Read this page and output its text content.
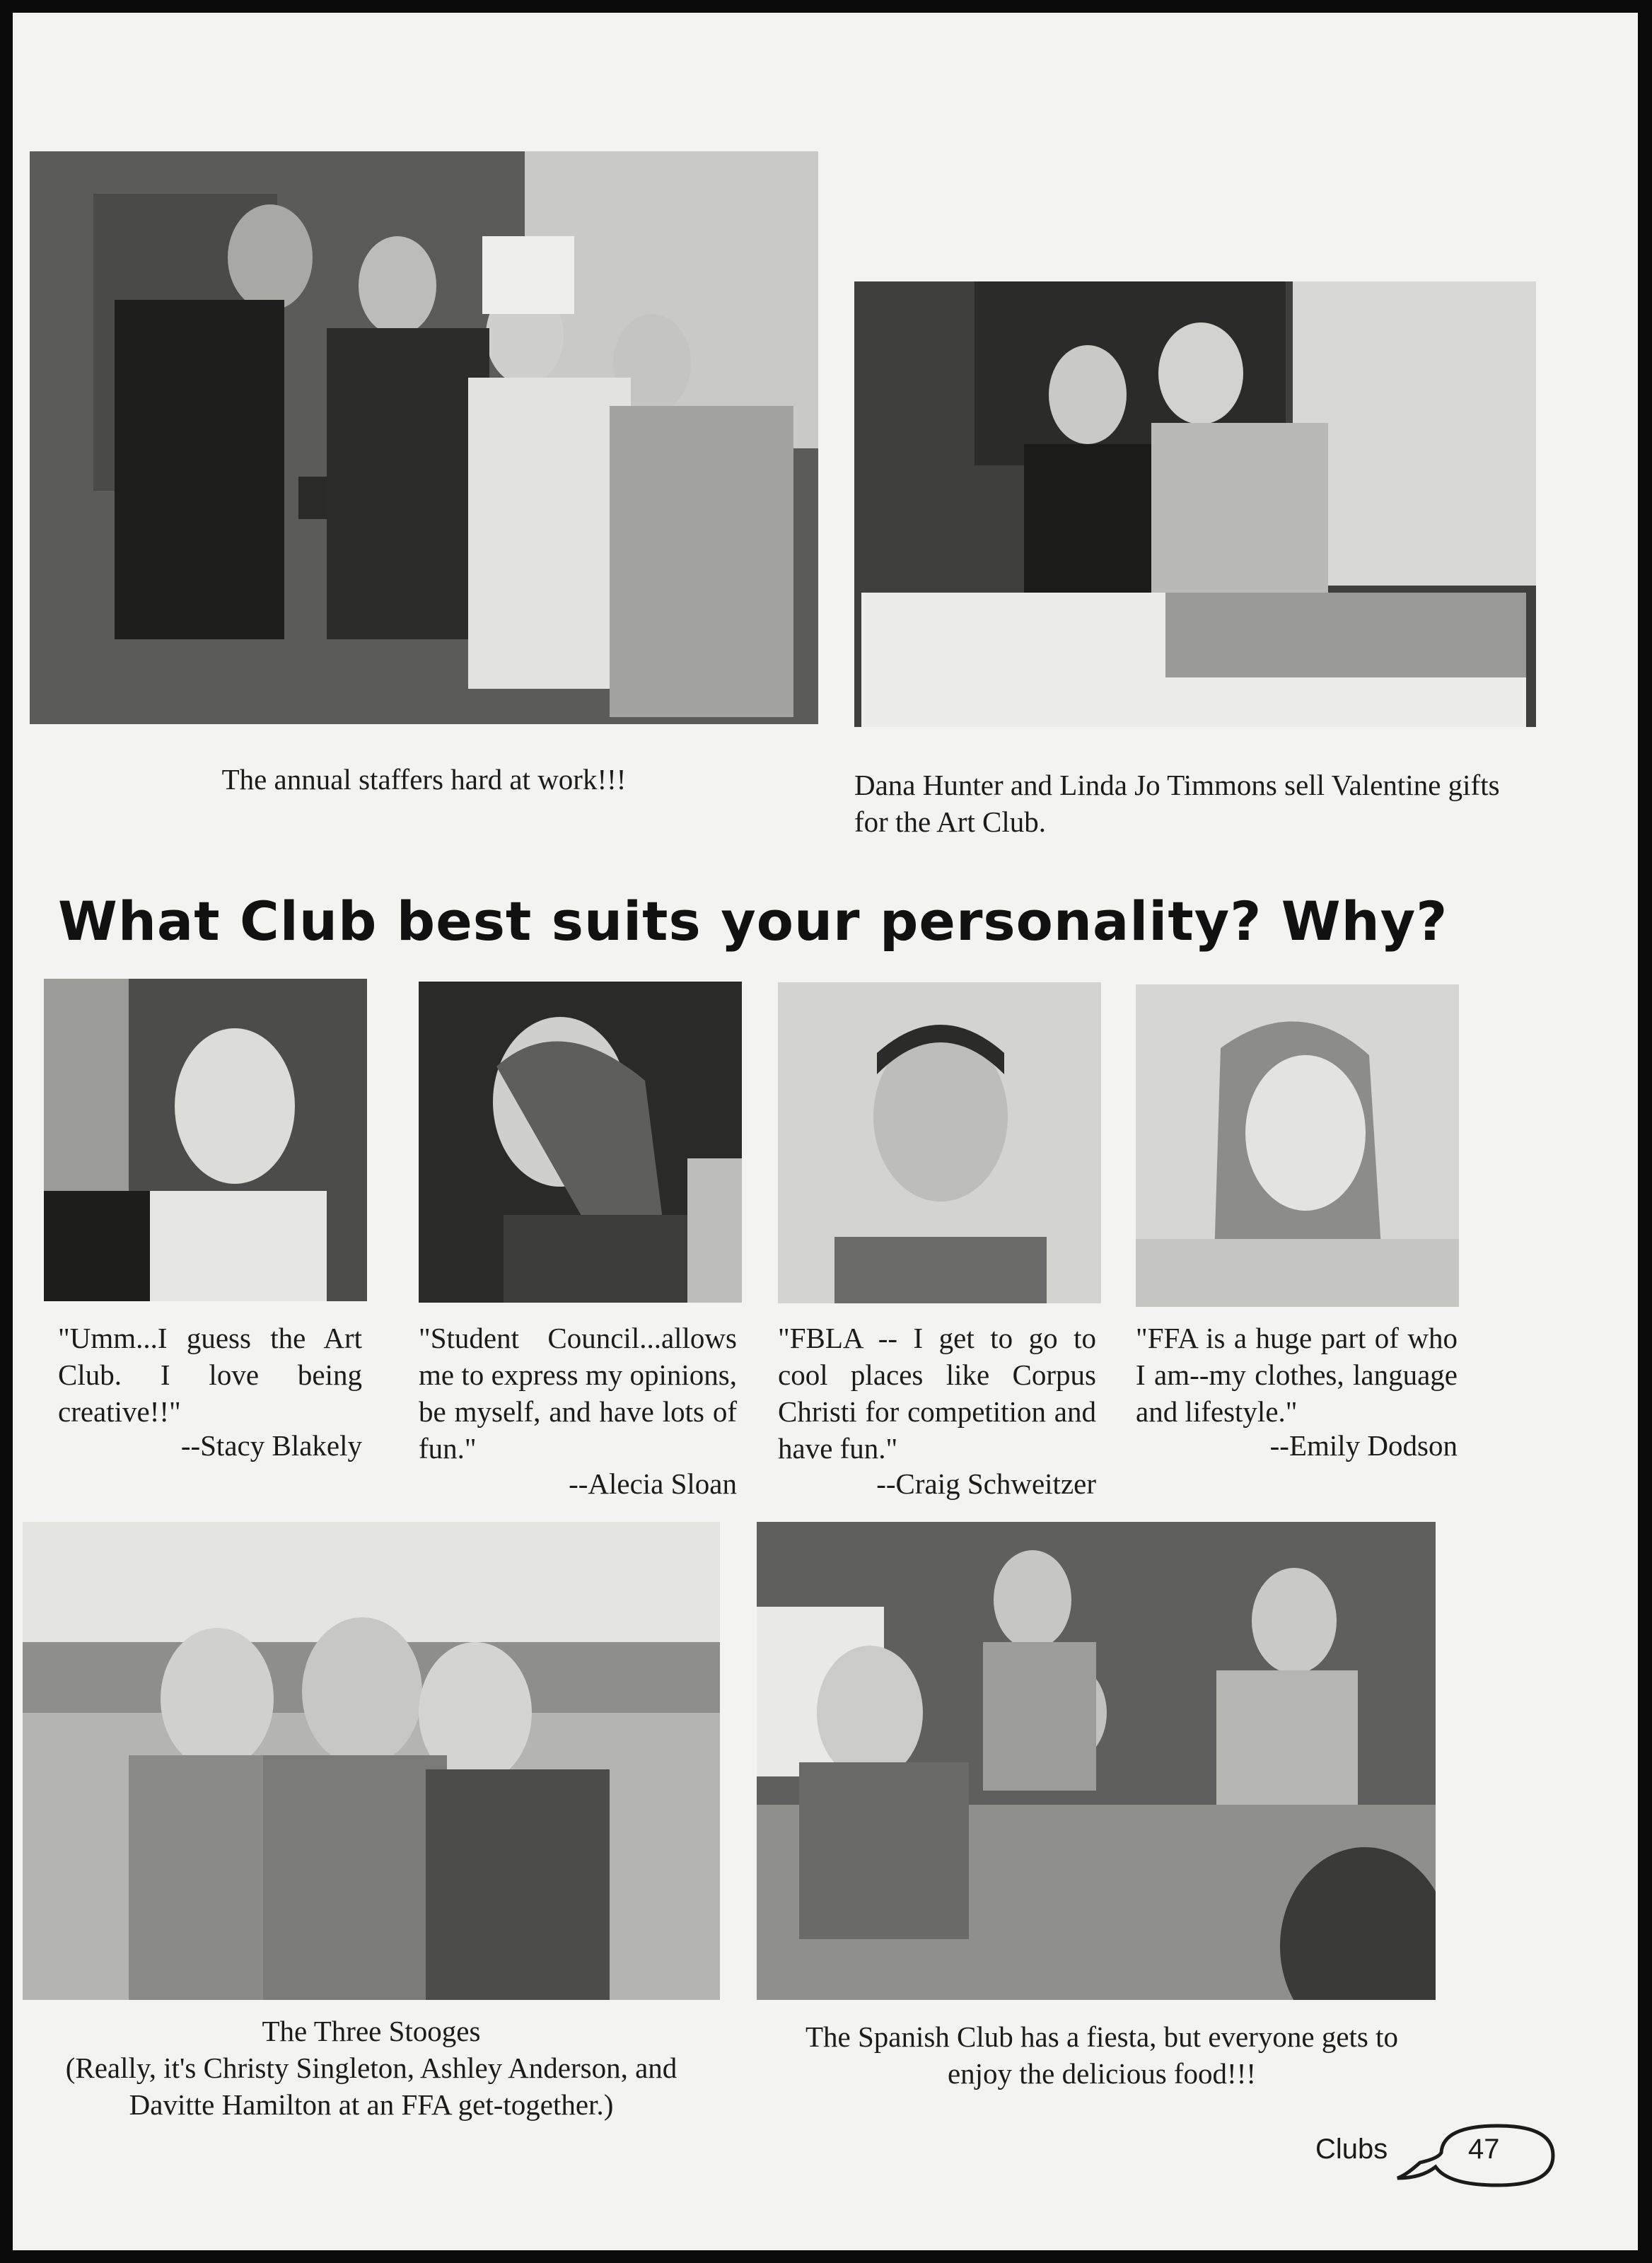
The annual staffers hard at work!!!	Dana Hunter and Linda Jo Timmons sell Valentine gifts for the Art Club.
What Club best suits your personality? Why?
"Umm...I guess the Art Club. I love being creative!!"
--Stacy Blakely
"Student Council...allows me to express my opinions, be myself, and have lots of fun."
--Alecia Sloan
"FBLA -- I get to go to cool places like Corpus Christi for competition and have fun."
--Craig Schweitzer
"FFA is a huge part of who I am--my clothes, language and lifestyle."
--Emily Dodson
The Three Stooges
(Really, it's Christy Singleton, Ashley Anderson, and Davitte Hamilton at an FFA get-together.)
The Spanish Club has a fiesta, but everyone gets to enjoy the delicious food!!!
Clubs	47
